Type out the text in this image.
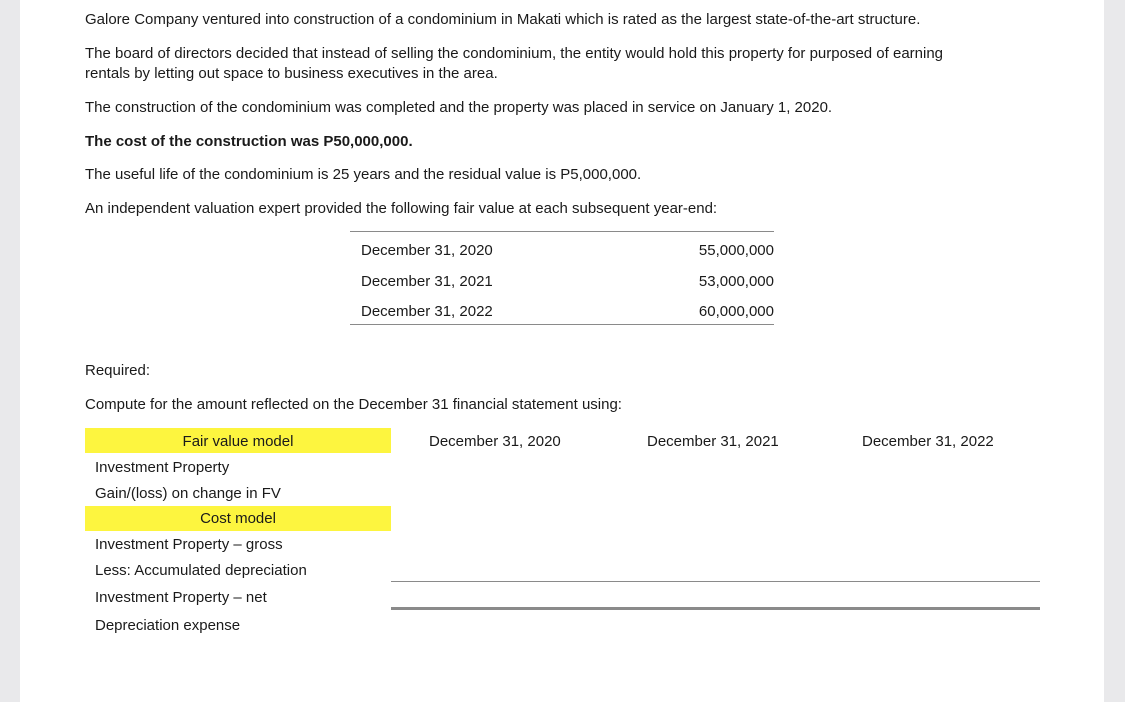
Galore Company ventured into construction of a condominium in Makati which is rated as the largest state-of-the-art structure.
The board of directors decided that instead of selling the condominium, the entity would hold this property for purposed of earning
rentals by letting out space to business executives in the area.
The construction of the condominium was completed and the property was placed in service on January 1, 2020.
The cost of the construction was P50,000,000.
The useful life of the condominium is 25 years and the residual value is P5,000,000.
An independent valuation expert provided the following fair value at each subsequent year-end:
December 31, 2020	55,000,000
December 31, 2021	53,000,000
December 31, 2022	60,000,000
Required:
Compute for the amount reflected on the December 31 financial statement using:
Fair value model	December 31, 2020	December 31, 2021	December 31, 2022
Investment Property
Gain/(loss) on change in FV
Cost model
Investment Property – gross
Less: Accumulated depreciation
Investment Property – net
Depreciation expense
